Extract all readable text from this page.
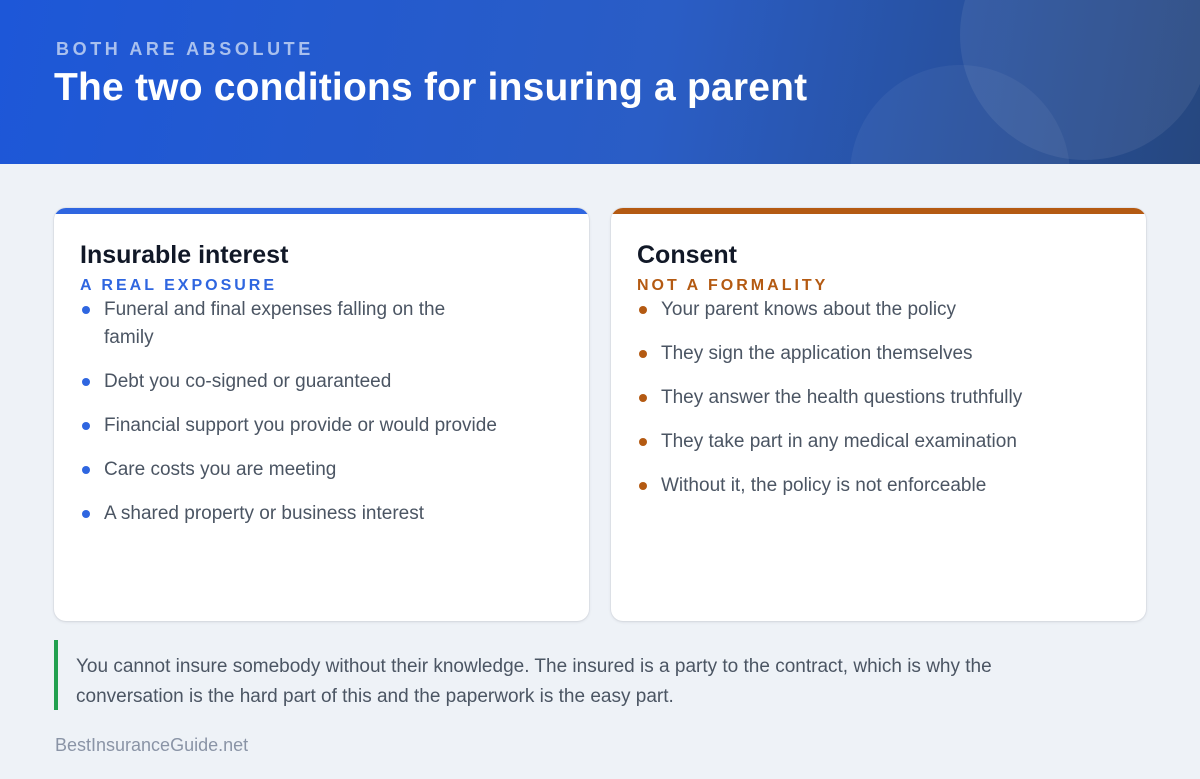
BOTH ARE ABSOLUTE
The two conditions for insuring a parent
Insurable interest
A REAL EXPOSURE
Funeral and final expenses falling on the family
Debt you co-signed or guaranteed
Financial support you provide or would provide
Care costs you are meeting
A shared property or business interest
Consent
NOT A FORMALITY
Your parent knows about the policy
They sign the application themselves
They answer the health questions truthfully
They take part in any medical examination
Without it, the policy is not enforceable
You cannot insure somebody without their knowledge. The insured is a party to the contract, which is why the conversation is the hard part of this and the paperwork is the easy part.
BestInsuranceGuide.net
